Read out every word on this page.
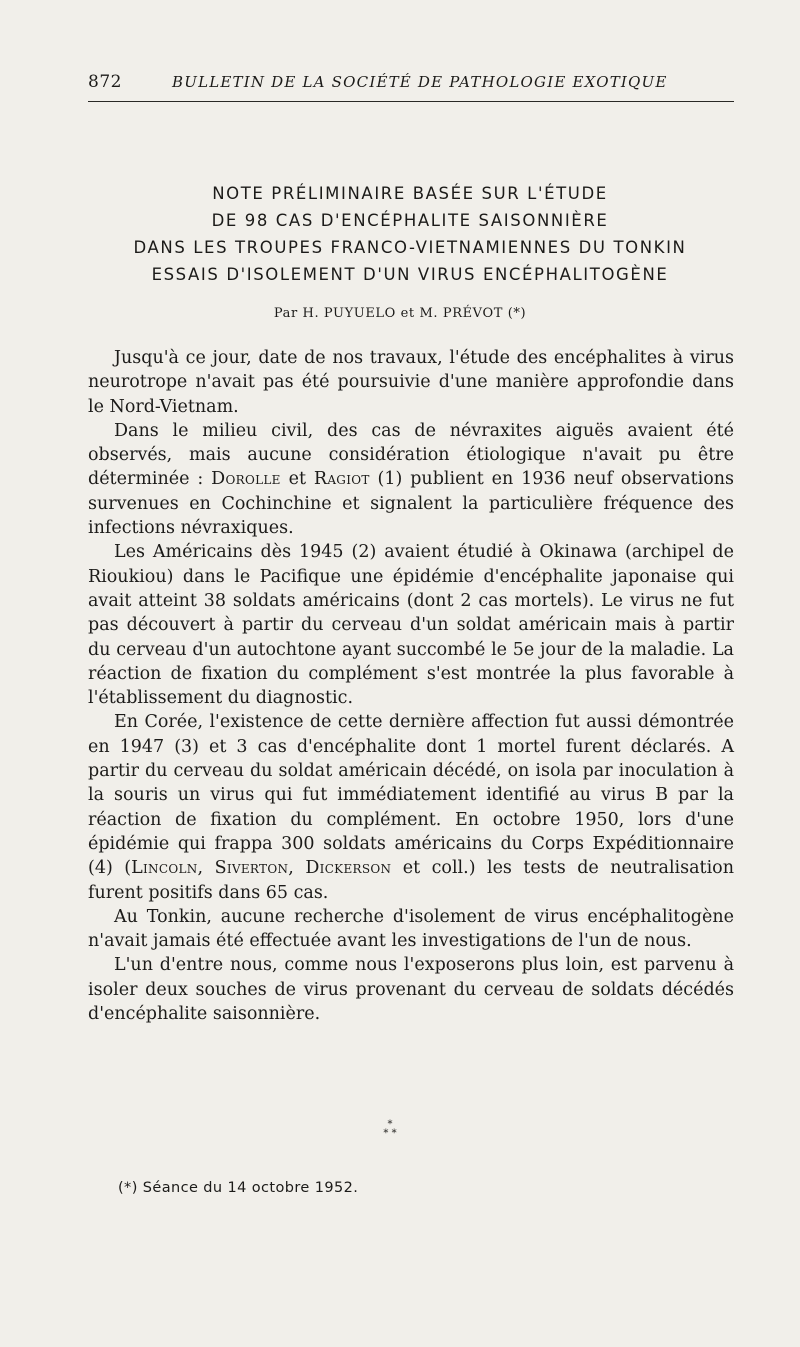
872	BULLETIN DE LA SOCIÉTÉ DE PATHOLOGIE EXOTIQUE
NOTE PRÉLIMINAIRE BASÉE SUR L'ÉTUDE
DE 98 CAS D'ENCÉPHALITE SAISONNIÈRE
DANS LES TROUPES FRANCO-VIETNAMIENNES DU TONKIN
ESSAIS D'ISOLEMENT D'UN VIRUS ENCÉPHALITOGÈNE
Par H. PUYUELO et M. PRÉVOT (*)

Jusqu'à ce jour, date de nos travaux, l'étude des encéphalites à virus neurotrope n'avait pas été poursuivie d'une manière approfondie dans le Nord-Vietnam.

Dans le milieu civil, des cas de névraxites aiguës avaient été observés, mais aucune considération étiologique n'avait pu être déterminée : Dorolle et Ragiot (1) publient en 1936 neuf observations survenues en Cochinchine et signalent la particulière fréquence des infections névraxiques.

Les Américains dès 1945 (2) avaient étudié à Okinawa (archipel de Rioukiou) dans le Pacifique une épidémie d'encéphalite japonaise qui avait atteint 38 soldats américains (dont 2 cas mortels). Le virus ne fut pas découvert à partir du cerveau d'un soldat américain mais à partir du cerveau d'un autochtone ayant succombé le 5e jour de la maladie. La réaction de fixation du complément s'est montrée la plus favorable à l'établissement du diagnostic.

En Corée, l'existence de cette dernière affection fut aussi démontrée en 1947 (3) et 3 cas d'encéphalite dont 1 mortel furent déclarés. A partir du cerveau du soldat américain décédé, on isola par inoculation à la souris un virus qui fut immédiatement identifié au virus B par la réaction de fixation du complément. En octobre 1950, lors d'une épidémie qui frappa 300 soldats américains du Corps Expéditionnaire (4) (Lincoln, Siverton, Dickerson et coll.) les tests de neutralisation furent positifs dans 65 cas.

Au Tonkin, aucune recherche d'isolement de virus encéphalitogène n'avait jamais été effectuée avant les investigations de l'un de nous.

L'un d'entre nous, comme nous l'exposerons plus loin, est parvenu à isoler deux souches de virus provenant du cerveau de soldats décédés d'encéphalite saisonnière.

*
* *
(*) Séance du 14 octobre 1952.
